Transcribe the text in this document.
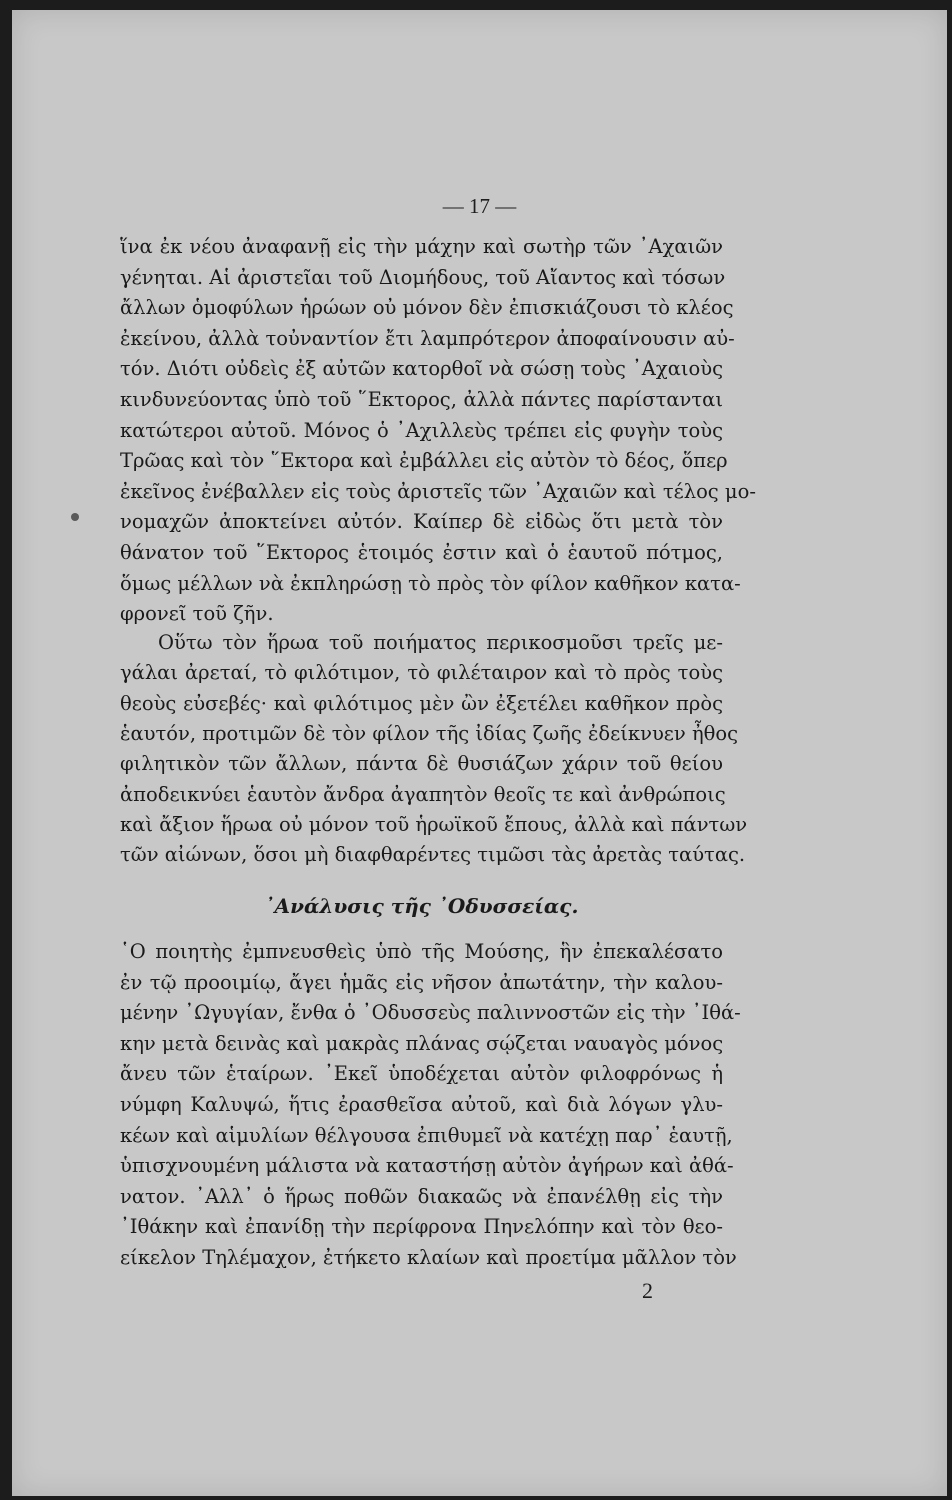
— 17 —
ἵνα ἐκ νέου ἀναφανῇ εἰς τὴν μάχην καὶ σωτὴρ τῶν ᾿Αχαιῶν
γένηται. Αἱ ἀριστεῖαι τοῦ Διομήδους, τοῦ Αἴαντος καὶ τόσων
ἄλλων ὁμοφύλων ἡρώων οὐ μόνον δὲν ἐπισκιάζουσι τὸ κλέος
ἐκείνου, ἀλλὰ τοὐναντίον ἔτι λαμπρότερον ἀποφαίνουσιν αὐ-
τόν. Διότι οὐδεὶς ἐξ αὐτῶν κατορθοῖ νὰ σώσῃ τοὺς ᾿Αχαιοὺς
κινδυνεύοντας ὑπὸ τοῦ ῞Εκτορος, ἀλλὰ πάντες παρίστανται
κατώτεροι αὐτοῦ. Μόνος ὁ ᾿Αχιλλεὺς τρέπει εἰς φυγὴν τοὺς
Τρῶας καὶ τὸν ῞Εκτορα καὶ ἐμβάλλει εἰς αὐτὸν τὸ δέος, ὅπερ
ἐκεῖνος ἐνέβαλλεν εἰς τοὺς ἀριστεῖς τῶν ᾿Αχαιῶν καὶ τέλος μο-
νομαχῶν ἀποκτείνει αὐτόν. Καίπερ δὲ εἰδὼς ὅτι μετὰ τὸν
θάνατον τοῦ ῞Εκτορος ἑτοιμός ἐστιν καὶ ὁ ἑαυτοῦ πότμος,
ὅμως μέλλων νὰ ἐκπληρώσῃ τὸ πρὸς τὸν φίλον καθῆκον κατα-
φρονεῖ τοῦ ζῆν.
Οὕτω τὸν ἥρωα τοῦ ποιήματος περικοσμοῦσι τρεῖς με-
γάλαι ἀρεταί, τὸ φιλότιμον, τὸ φιλέταιρον καὶ τὸ πρὸς τοὺς
θεοὺς εὐσεβές· καὶ φιλότιμος μὲν ὢν ἐξετέλει καθῆκον πρὸς
ἑαυτόν, προτιμῶν δὲ τὸν φίλον τῆς ἰδίας ζωῆς ἐδείκνυεν ἦθος
φιλητικὸν τῶν ἄλλων, πάντα δὲ θυσιάζων χάριν τοῦ θείου
ἀποδεικνύει ἑαυτὸν ἄνδρα ἀγαπητὸν θεοῖς τε καὶ ἀνθρώποις
καὶ ἄξιον ἥρωα οὐ μόνον τοῦ ἡρωϊκοῦ ἔπους, ἀλλὰ καὶ πάντων
τῶν αἰώνων, ὅσοι μὴ διαφθαρέντες τιμῶσι τὰς ἀρετὰς ταύτας.
᾿Ανάλυσις τῆς ᾿Οδυσσείας.
῾Ο ποιητὴς ἐμπνευσθεὶς ὑπὸ τῆς Μούσης, ἣν ἐπεκαλέσατο
ἐν τῷ προοιμίῳ, ἄγει ἡμᾶς εἰς νῆσον ἀπωτάτην, τὴν καλου-
μένην ᾿Ωγυγίαν, ἔνθα ὁ ᾿Οδυσσεὺς παλιννοστῶν εἰς τὴν ᾿Ιθά-
κην μετὰ δεινὰς καὶ μακρὰς πλάνας σῴζεται ναυαγὸς μόνος
ἄνευ τῶν ἑταίρων. ᾿Εκεῖ ὑποδέχεται αὐτὸν φιλοφρόνως ἡ
νύμφη Καλυψώ, ἥτις ἐρασθεῖσα αὐτοῦ, καὶ διὰ λόγων γλυ-
κέων καὶ αἱμυλίων θέλγουσα ἐπιθυμεῖ νὰ κατέχῃ παρ᾿ ἑαυτῇ,
ὑπισχνουμένη μάλιστα νὰ καταστήσῃ αὐτὸν ἀγήρων καὶ ἀθά-
νατον. ᾿Αλλ᾿ ὁ ἥρως ποθῶν διακαῶς νὰ ἐπανέλθῃ εἰς τὴν
᾿Ιθάκην καὶ ἐπανίδῃ τὴν περίφρονα Πηνελόπην καὶ τὸν θεο-
είκελον Τηλέμαχον, ἐτήκετο κλαίων καὶ προετίμα μᾶλλον τὸν
2
